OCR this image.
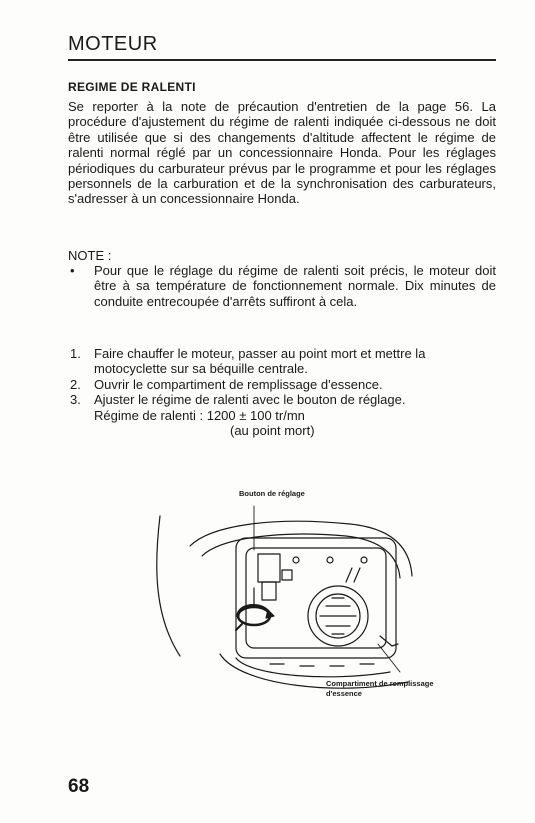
MOTEUR
REGIME DE RALENTI
Se reporter à la note de précaution d'entretien de la page 56. La procédure d'ajustement du régime de ralenti indiquée ci-dessous ne doit être utilisée que si des changements d'altitude affectent le régime de ralenti normal réglé par un concessionnaire Honda. Pour les réglages périodiques du carburateur prévus par le programme et pour les réglages personnels de la carburation et de la synchronisation des carburateurs, s'adresser à un concessionnaire Honda.
NOTE :
• Pour que le réglage du régime de ralenti soit précis, le moteur doit être à sa température de fonctionnement normale. Dix minutes de conduite entrecoupée d'arrêts suffiront à cela.
1. Faire chauffer le moteur, passer au point mort et mettre la motocyclette sur sa béquille centrale.
2. Ouvrir le compartiment de remplissage d'essence.
3. Ajuster le régime de ralenti avec le bouton de réglage.
Régime de ralenti : 1200 ± 100 tr/mn
(au point mort)
Bouton de réglage
Compartiment de remplissage
d'essence
68
